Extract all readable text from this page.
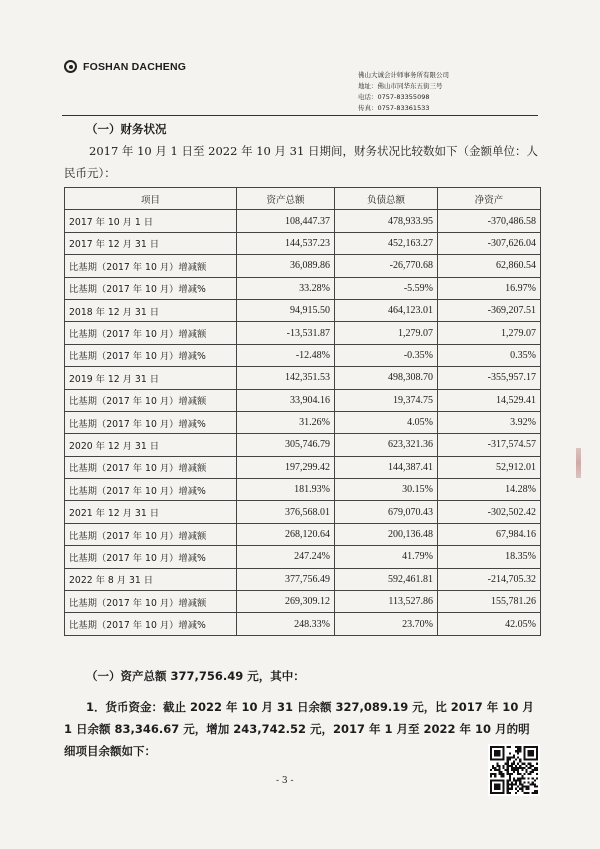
FOSHAN DACHENG
佛山大诚会计师事务所有限公司
地址：佛山市同华东五街三号
电话：0757-83355098
传真：0757-83361533
（一）财务状况
2017 年 10 月 1 日至 2022 年 10 月 31 日期间，财务状况比较数如下（金额单位：人民币元）：
项目	资产总额	负债总额	净资产
2017 年 10 月 1 日	108,447.37	478,933.95	-370,486.58
2017 年 12 月 31 日	144,537.23	452,163.27	-307,626.04
比基期（2017 年 10 月）增减额	36,089.86	-26,770.68	62,860.54
比基期（2017 年 10 月）增减%	33.28%	-5.59%	16.97%
2018 年 12 月 31 日	94,915.50	464,123.01	-369,207.51
比基期（2017 年 10 月）增减额	-13,531.87	1,279.07	1,279.07
比基期（2017 年 10 月）增减%	-12.48%	-0.35%	0.35%
2019 年 12 月 31 日	142,351.53	498,308.70	-355,957.17
比基期（2017 年 10 月）增减额	33,904.16	19,374.75	14,529.41
比基期（2017 年 10 月）增减%	31.26%	4.05%	3.92%
2020 年 12 月 31 日	305,746.79	623,321.36	-317,574.57
比基期（2017 年 10 月）增减额	197,299.42	144,387.41	52,912.01
比基期（2017 年 10 月）增减%	181.93%	30.15%	14.28%
2021 年 12 月 31 日	376,568.01	679,070.43	-302,502.42
比基期（2017 年 10 月）增减额	268,120.64	200,136.48	67,984.16
比基期（2017 年 10 月）增减%	247.24%	41.79%	18.35%
2022 年 8 月 31 日	377,756.49	592,461.81	-214,705.32
比基期（2017 年 10 月）增减额	269,309.12	113,527.86	155,781.26
比基期（2017 年 10 月）增减%	248.33%	23.70%	42.05%
（一）资产总额 377,756.49 元，其中：
1．货币资金：截止 2022 年 10 月 31 日余额 327,089.19 元，比 2017 年 10 月 1 日余额 83,346.67 元，增加 243,742.52 元，2017 年 1 月至 2022 年 10 月的明细项目余额如下：
- 3 -
